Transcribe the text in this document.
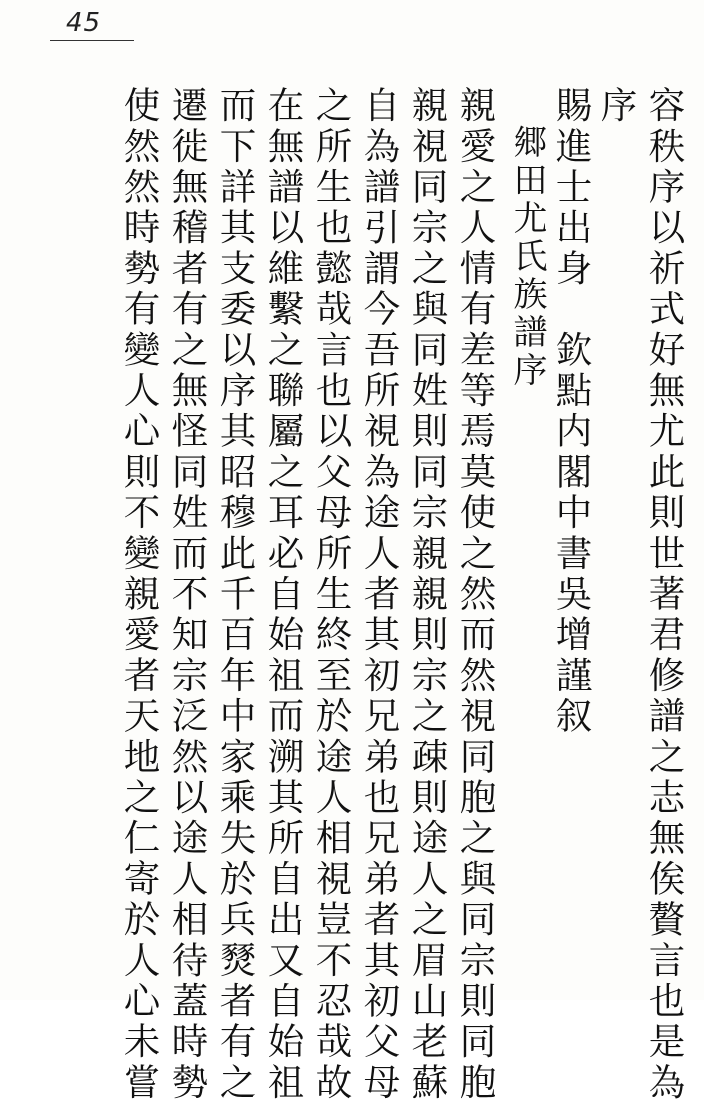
45
容秩序以祈式好無尤此則世著君修譜之志無俟贅言也是為
序
賜進士出身　欽點内閣中書吳增謹叙
　郷田尤氏族譜序
親愛之人情有差等焉莫使之然而然視同胞之與同宗則同胞
親視同宗之與同姓則同宗親親則宗之疎則途人之眉山老蘇
自為譜引謂今吾所視為途人者其初兄弟也兄弟者其初父母
之所生也懿哉言也以父母所生終至於途人相視豈不忍哉故
在無譜以維繫之聯屬之耳必自始祖而溯其所自出又自始祖
而下詳其支委以序其昭穆此千百年中家乘失於兵燹者有之
遷徙無稽者有之無怪同姓而不知宗泛然以途人相待蓋時勢
使然然時勢有變人心則不變親愛者天地之仁寄於人心未嘗
